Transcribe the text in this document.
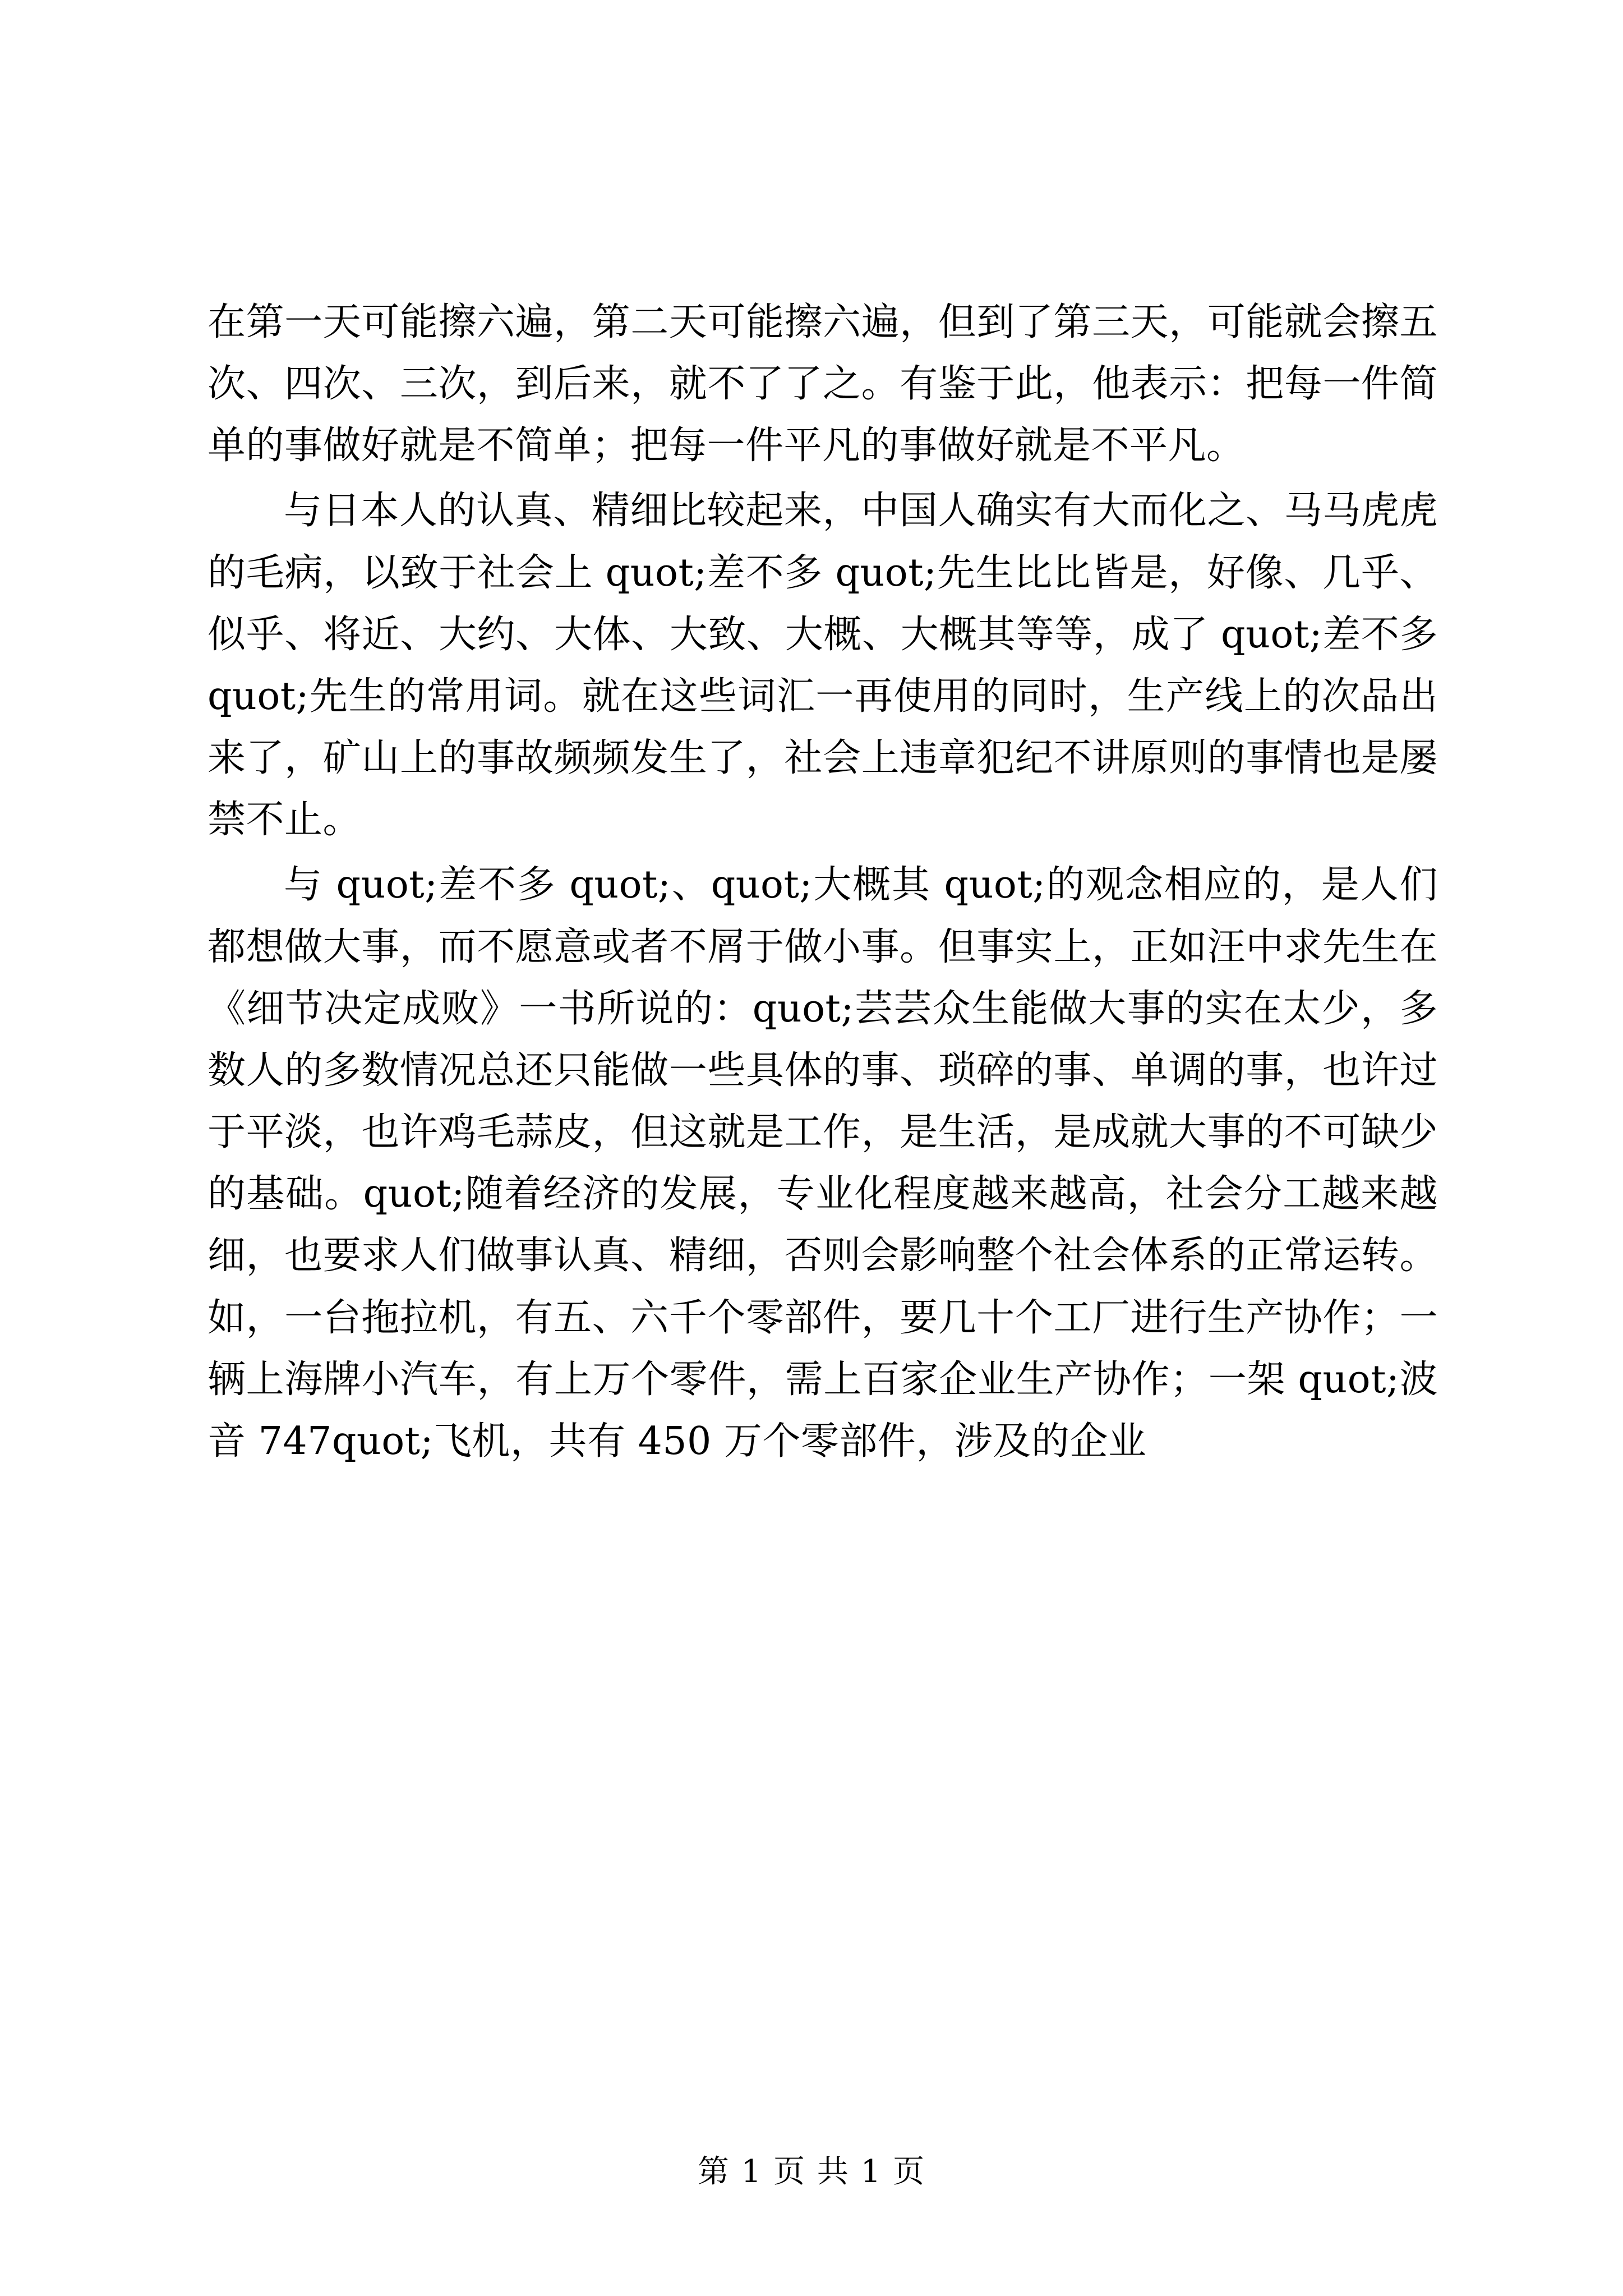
在第一天可能擦六遍，第二天可能擦六遍，但到了第三天，可能就会擦五次、四次、三次，到后来，就不了了之。有鉴于此，他表示：把每一件简单的事做好就是不简单；把每一件平凡的事做好就是不平凡。

与日本人的认真、精细比较起来，中国人确实有大而化之、马马虎虎的毛病，以致于社会上 quot;差不多 quot;先生比比皆是，好像、几乎、似乎、将近、大约、大体、大致、大概、大概其等等，成了 quot;差不多 quot;先生的常用词。就在这些词汇一再使用的同时，生产线上的次品出来了，矿山上的事故频频发生了，社会上违章犯纪不讲原则的事情也是屡禁不止。

与 quot;差不多 quot;、quot;大概其 quot;的观念相应的，是人们都想做大事，而不愿意或者不屑于做小事。但事实上，正如汪中求先生在《细节决定成败》一书所说的：quot;芸芸众生能做大事的实在太少，多数人的多数情况总还只能做一些具体的事、琐碎的事、单调的事，也许过于平淡，也许鸡毛蒜皮，但这就是工作，是生活，是成就大事的不可缺少的基础。quot;随着经济的发展，专业化程度越来越高，社会分工越来越细，也要求人们做事认真、精细，否则会影响整个社会体系的正常运转。如，一台拖拉机，有五、六千个零部件，要几十个工厂进行生产协作；一辆上海牌小汽车，有上万个零件，需上百家企业生产协作；一架 quot;波音 747quot;飞机，共有 450 万个零部件，涉及的企业

第 1 页 共 1 页
